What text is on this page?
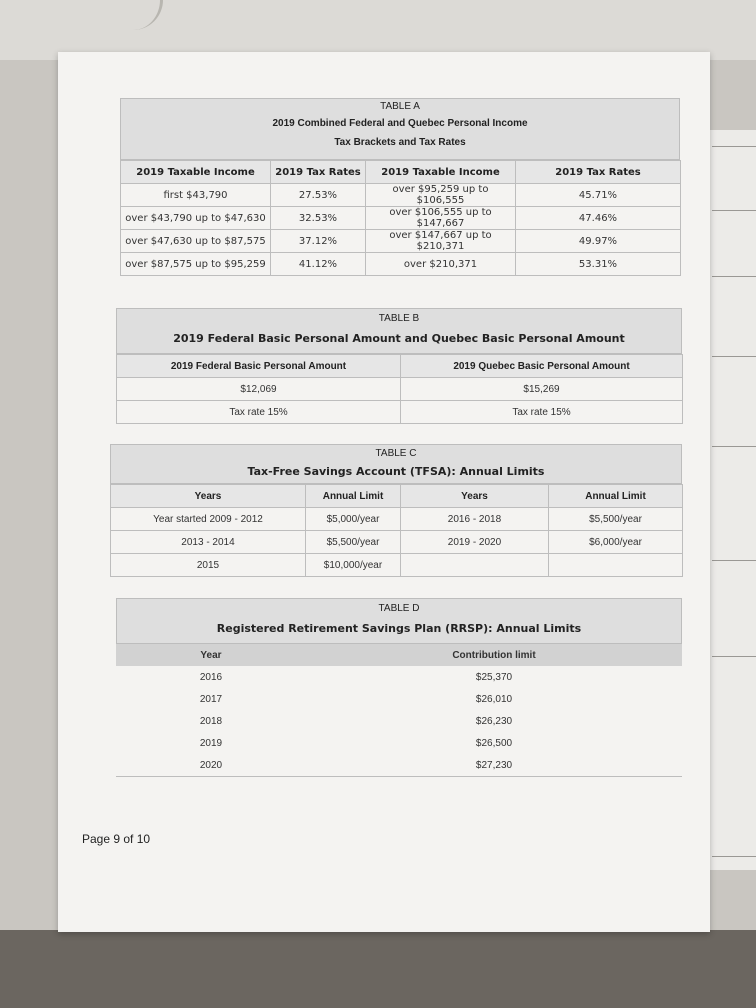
TABLE A
2019 Combined Federal and Quebec Personal Income
Tax Brackets and Tax Rates
2019 Taxable Income	2019 Tax Rates	2019 Taxable Income	2019 Tax Rates
first $43,790	27.53%	over $95,259 up to $106,555	45.71%
over $43,790 up to $47,630	32.53%	over $106,555 up to $147,667	47.46%
over $47,630 up to $87,575	37.12%	over $147,667 up to $210,371	49.97%
over $87,575 up to $95,259	41.12%	over $210,371	53.31%
TABLE B
2019 Federal Basic Personal Amount and Quebec Basic Personal Amount
2019 Federal Basic Personal Amount	2019 Quebec Basic Personal Amount
$12,069	$15,269
Tax rate 15%	Tax rate 15%
TABLE C
Tax-Free Savings Account (TFSA): Annual Limits
Years	Annual Limit	Years	Annual Limit
Year started 2009 - 2012	$5,000/year	2016 - 2018	$5,500/year
2013 - 2014	$5,500/year	2019 - 2020	$6,000/year
2015	$10,000/year		
TABLE D
Registered Retirement Savings Plan (RRSP): Annual Limits
Year	Contribution limit
2016	$25,370
2017	$26,010
2018	$26,230
2019	$26,500
2020	$27,230
Page 9 of 10
